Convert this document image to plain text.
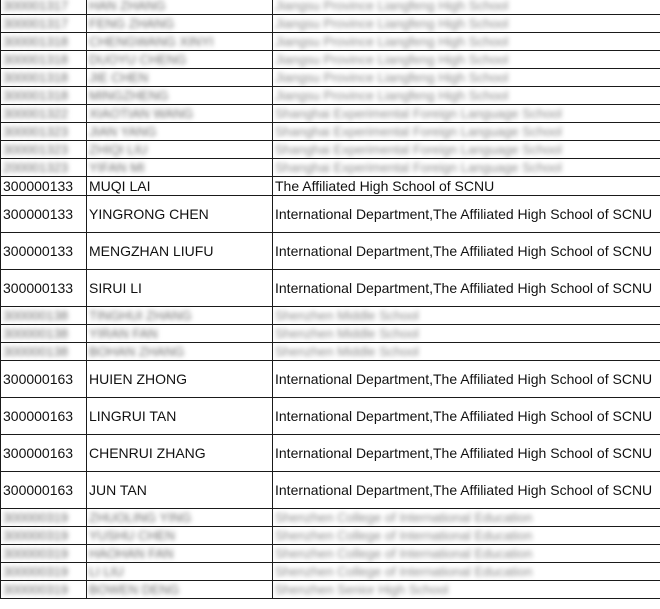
300001317	HAN ZHANG	Jiangsu Province Liangfeng High School
300001317	FENG ZHANG	Jiangsu Province Liangfeng High School
300001318	CHENGWANG XINYI	Jiangsu Province Liangfeng High School
300001318	DUOYU CHENG	Jiangsu Province Liangfeng High School
300001318	JIE CHEN	Jiangsu Province Liangfeng High School
300001318	MINGZHENG	Jiangsu Province Liangfeng High School
300001322	XIAOTIAN WANG	Shanghai Experimental Foreign Language School
300001323	JIAN YANG	Shanghai Experimental Foreign Language School
300001323	ZHIQI LIU	Shanghai Experimental Foreign Language School
200001323	YIFAN MI	Shanghai Experimental Foreign Language School
300000133	MUQI LAI	The Affiliated High School of SCNU
300000133	YINGRONG CHEN	International Department,The Affiliated High School of SCNU
300000133	MENGZHAN LIUFU	International Department,The Affiliated High School of SCNU
300000133	SIRUI LI	International Department,The Affiliated High School of SCNU
300000138	TINGHUI ZHANG	Shenzhen Middle School
300000138	YIRAN FAN	Shenzhen Middle School
300000138	BOHAN ZHANG	Shenzhen Middle School
300000163	HUIEN ZHONG	International Department,The Affiliated High School of SCNU
300000163	LINGRUI TAN	International Department,The Affiliated High School of SCNU
300000163	CHENRUI ZHANG	International Department,The Affiliated High School of SCNU
300000163	JUN TAN	International Department,The Affiliated High School of SCNU
300000319	ZHUOLING YING	Shenzhen College of International Education
300000319	YUSHU CHEN	Shenzhen College of International Education
300000319	HAOHAN FAN	Shenzhen College of International Education
300000319	LI LIU	Shenzhen College of International Education
300000319	BOWEN DENG	Shenzhen Senior High School
